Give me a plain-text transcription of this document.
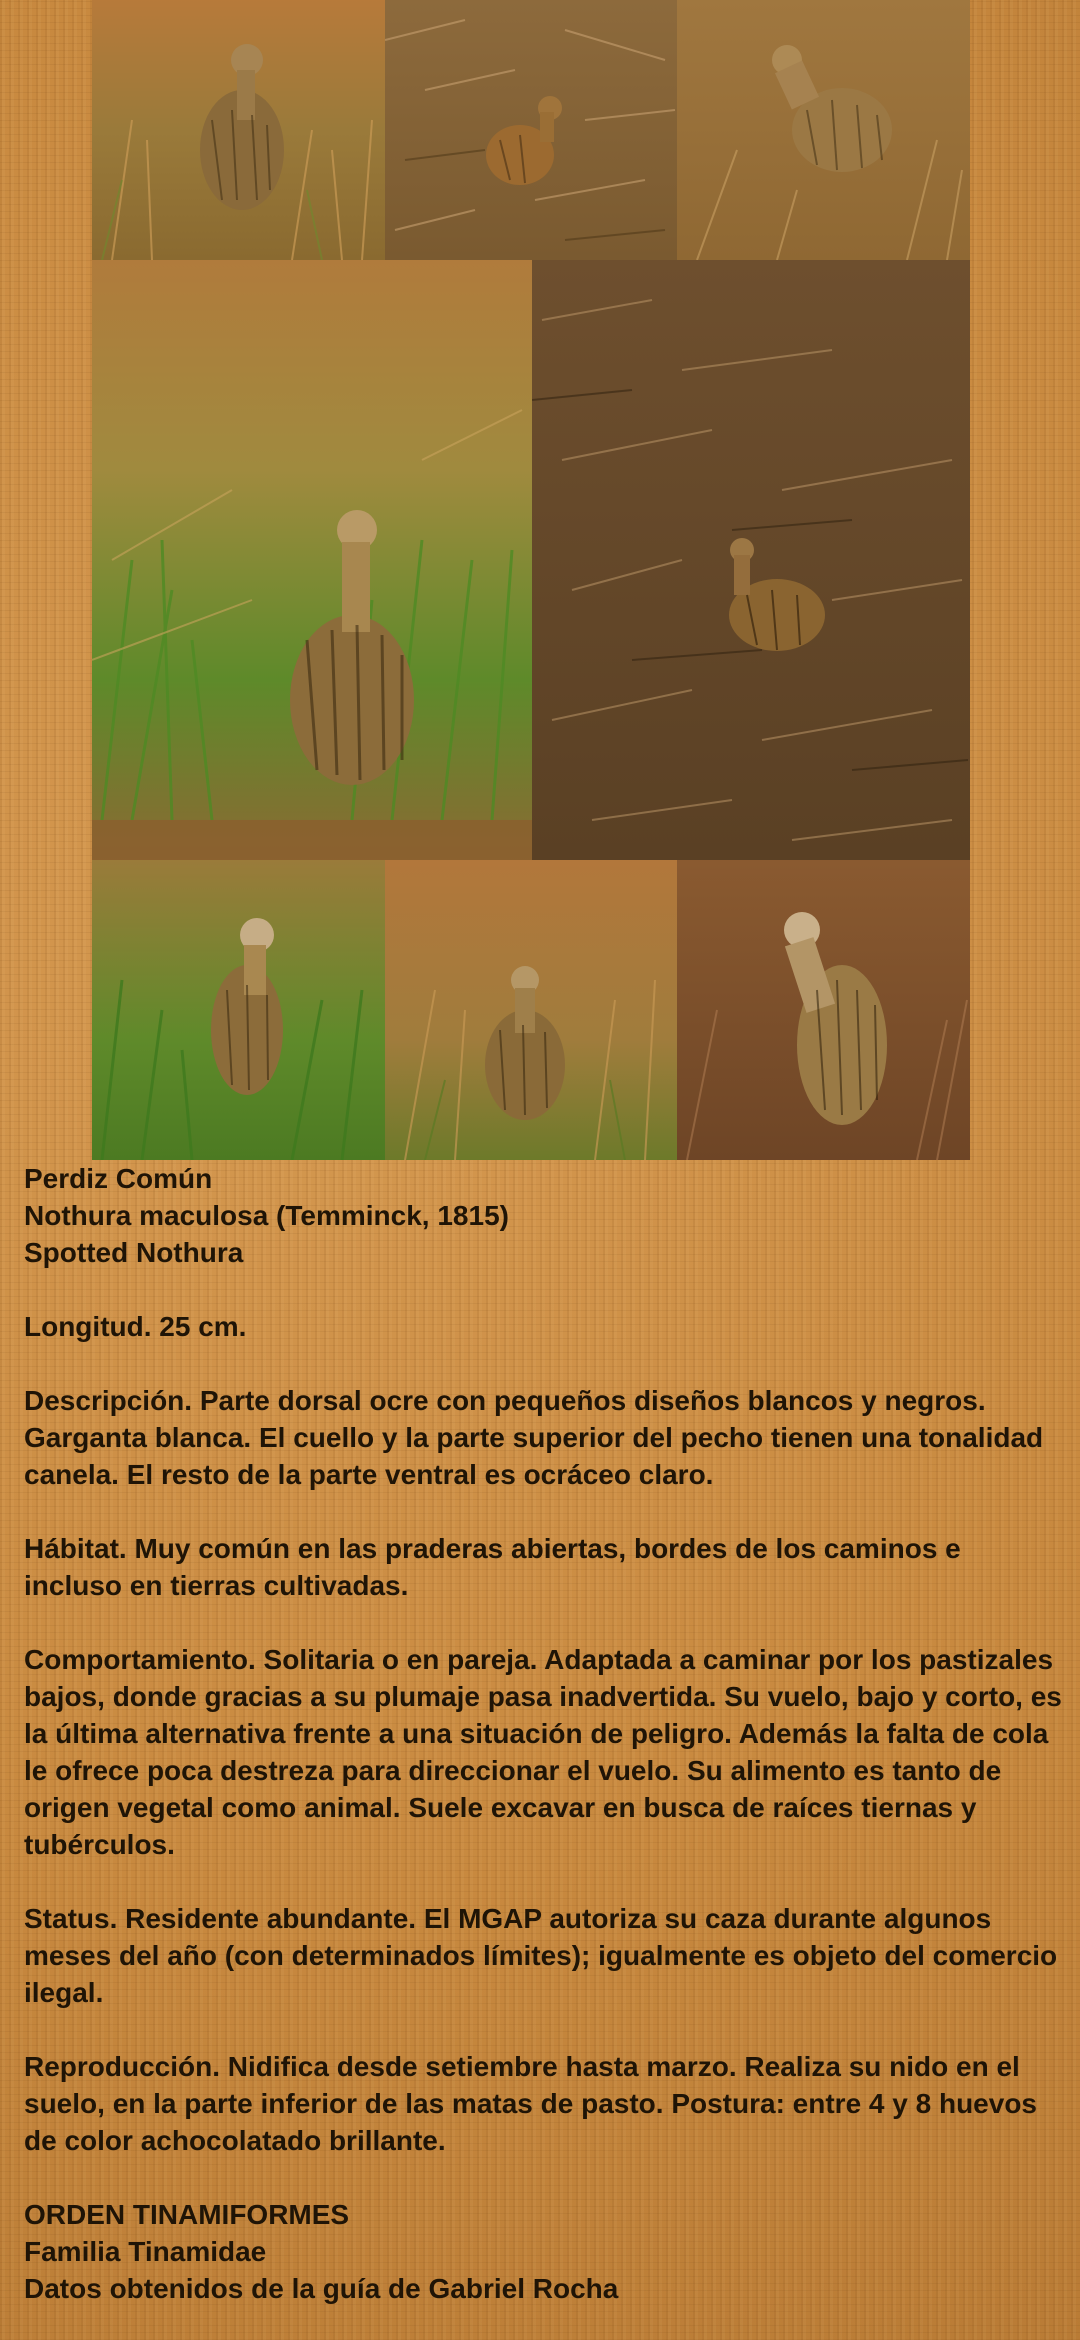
Perdiz Común
Nothura maculosa (Temminck, 1815)
Spotted Nothura

Longitud. 25 cm.

Descripción. Parte dorsal ocre con pequeños diseños blancos y negros. Garganta blanca. El cuello y la parte superior del pecho tienen una tonalidad canela. El resto de la parte ventral es ocráceo claro.

Hábitat. Muy común en las praderas abiertas, bordes de los caminos e incluso en tierras cultivadas.

Comportamiento. Solitaria o en pareja. Adaptada a caminar por los pastizales bajos, donde gracias a su plumaje pasa inadvertida. Su vuelo, bajo y corto, es la última alternativa frente a una situación de peligro. Además la falta de cola le ofrece poca destreza para direccionar el vuelo. Su alimento es tanto de origen vegetal como animal. Suele excavar en busca de raíces tiernas y tubérculos.

Status. Residente abundante. El MGAP autoriza su caza durante algunos meses del año (con determinados límites); igualmente es objeto del comercio ilegal.

Reproducción. Nidifica desde setiembre hasta marzo. Realiza su nido en el suelo, en la parte inferior de las matas de pasto. Postura: entre 4 y 8 huevos de color achocolatado brillante.

ORDEN TINAMIFORMES
Familia Tinamidae
Datos obtenidos de la guía de Gabriel Rocha
